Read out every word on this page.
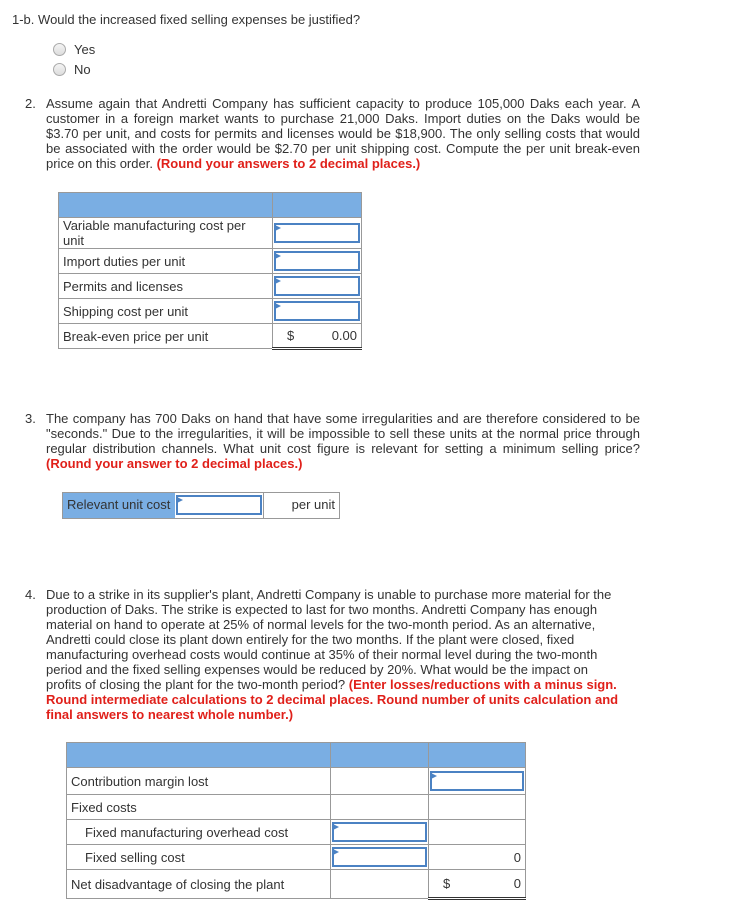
1-b. Would the increased fixed selling expenses be justified?
Yes
No
2. Assume again that Andretti Company has sufficient capacity to produce 105,000 Daks each year. A customer in a foreign market wants to purchase 21,000 Daks. Import duties on the Daks would be $3.70 per unit, and costs for permits and licenses would be $18,900. The only selling costs that would be associated with the order would be $2.70 per unit shipping cost. Compute the per unit break-even price on this order. (Round your answers to 2 decimal places.)

Variable manufacturing cost per unit	

Import duties per unit	

Permits and licenses	

Shipping cost per unit	

Break-even price per unit	$ 0.00
3. The company has 700 Daks on hand that have some irregularities and are therefore considered to be "seconds." Due to the irregularities, it will be impossible to sell these units at the normal price through regular distribution channels. What unit cost figure is relevant for setting a minimum selling price? (Round your answer to 2 decimal places.)
Relevant unit cost	per unit
4. Due to a strike in its supplier's plant, Andretti Company is unable to purchase more material for the production of Daks. The strike is expected to last for two months. Andretti Company has enough material on hand to operate at 25% of normal levels for the two-month period. As an alternative, Andretti could close its plant down entirely for the two months. If the plant were closed, fixed manufacturing overhead costs would continue at 35% of their normal level during the two-month period and the fixed selling expenses would be reduced by 20%. What would be the impact on profits of closing the plant for the two-month period? (Enter losses/reductions with a minus sign. Round intermediate calculations to 2 decimal places. Round number of units calculation and final answers to nearest whole number.)

Contribution margin lost		

Fixed costs		
Fixed manufacturing overhead cost	

Fixed selling cost		0
Net disadvantage of closing the plant		$ 0
